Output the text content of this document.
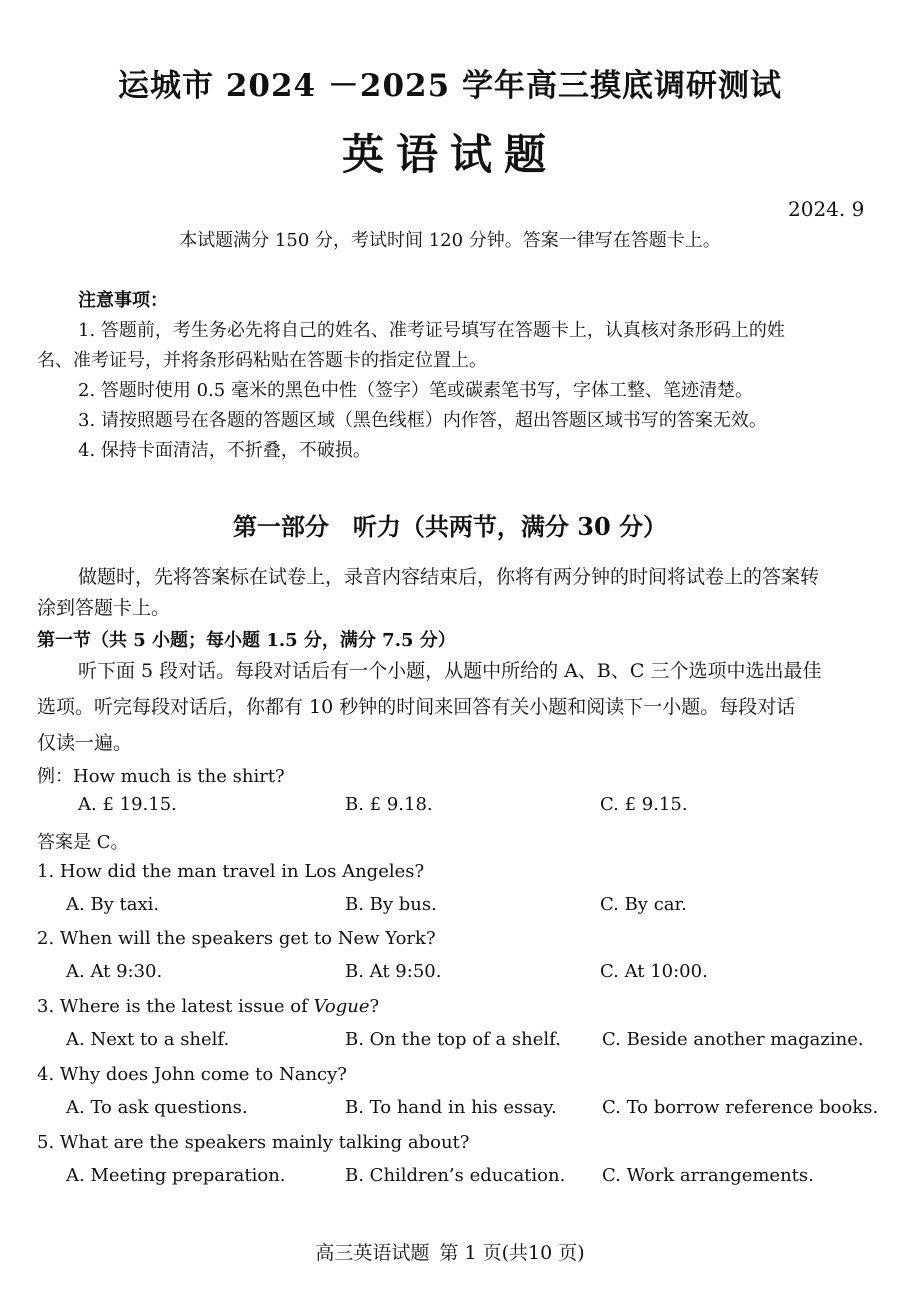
运城市 2024 －2025 学年高三摸底调研测试
英语试题
2024. 9
本试题满分 150 分，考试时间 120 分钟。答案一律写在答题卡上。
注意事项：
1. 答题前，考生务必先将自己的姓名、准考证号填写在答题卡上，认真核对条形码上的姓
名、准考证号，并将条形码粘贴在答题卡的指定位置上。
2. 答题时使用 0.5 毫米的黑色中性（签字）笔或碳素笔书写，字体工整、笔迹清楚。
3. 请按照题号在各题的答题区域（黑色线框）内作答，超出答题区域书写的答案无效。
4. 保持卡面清洁，不折叠，不破损。
第一部分　听力（共两节，满分 30 分）
做题时，先将答案标在试卷上，录音内容结束后，你将有两分钟的时间将试卷上的答案转
涂到答题卡上。
第一节（共 5 小题；每小题 1.5 分，满分 7.5 分）
听下面 5 段对话。每段对话后有一个小题，从题中所给的 A、B、C 三个选项中选出最佳
选项。听完每段对话后，你都有 10 秒钟的时间来回答有关小题和阅读下一小题。每段对话
仅读一遍。
例：How much is the shirt?
A. £ 19.15.	B. £ 9.18.	C. £ 9.15.
答案是 C。
1. How did the man travel in Los Angeles?
A. By taxi.	B. By bus.	C. By car.
2. When will the speakers get to New York?
A. At 9:30.	B. At 9:50.	C. At 10:00.
3. Where is the latest issue of Vogue?
A. Next to a shelf.	B. On the top of a shelf. C. Beside another magazine.
4. Why does John come to Nancy?
A. To ask questions.	B. To hand in his essay.	C. To borrow reference books.
5. What are the speakers mainly talking about?
A. Meeting preparation.	B. Children’s education. C. Work arrangements.
高三英语试题 第 1 页(共10 页)
